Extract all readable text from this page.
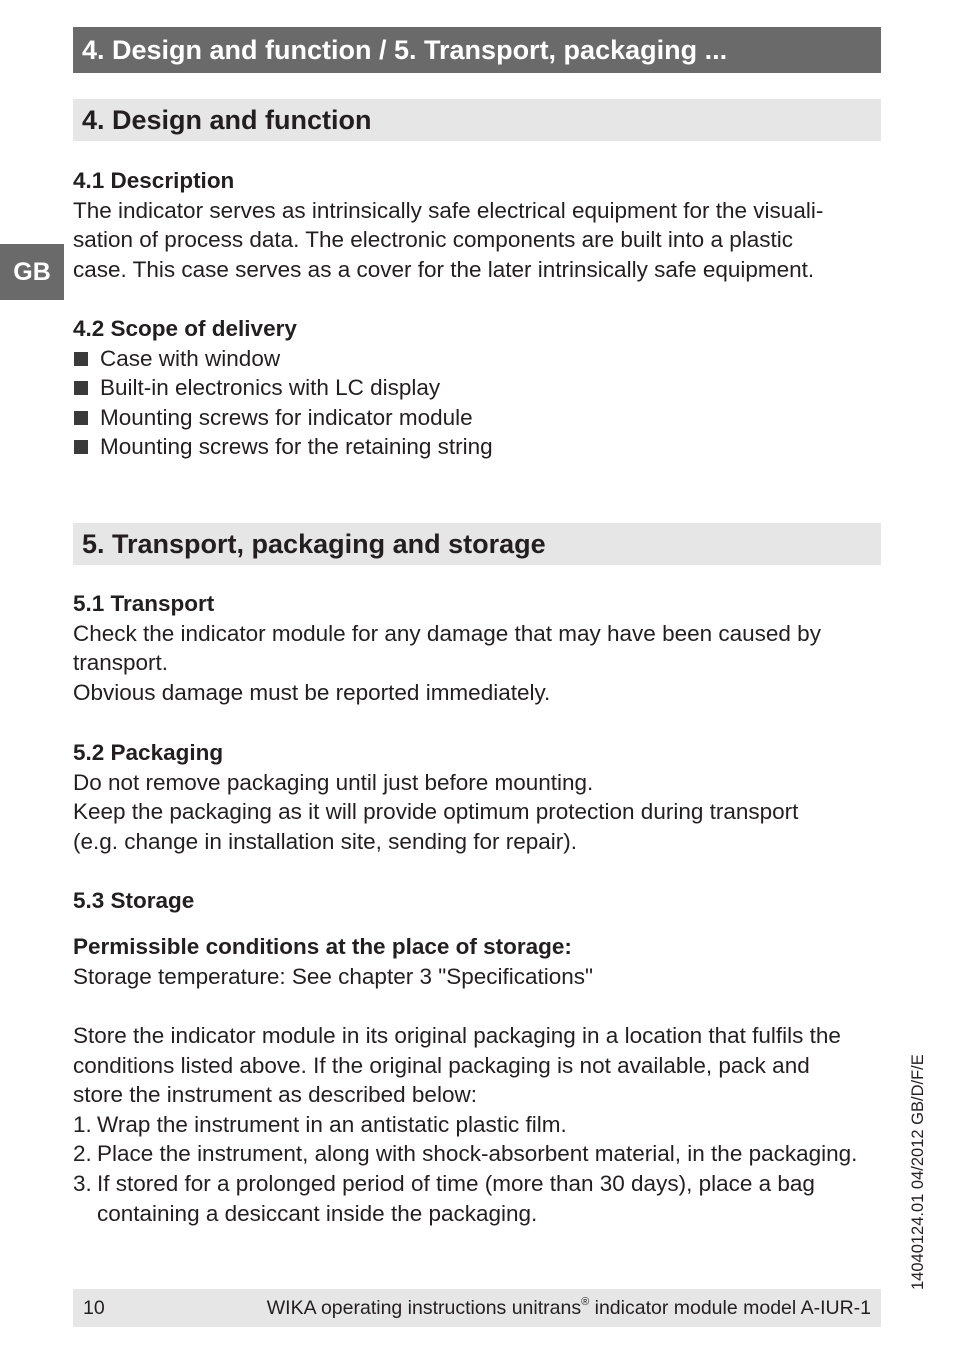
4. Design and function / 5. Transport, packaging ...
GB
4. Design and function
4.1 Description
The indicator serves as intrinsically safe electrical equipment for the visuali-
sation of process data. The electronic components are built into a plastic
case. This case serves as a cover for the later intrinsically safe equipment.
4.2 Scope of delivery
Case with window
Built-in electronics with LC display
Mounting screws for indicator module
Mounting screws for the retaining string
5. Transport, packaging and storage
5.1 Transport
Check the indicator module for any damage that may have been caused by
transport.
Obvious damage must be reported immediately.
5.2 Packaging
Do not remove packaging until just before mounting.
Keep the packaging as it will provide optimum protection during transport
(e.g. change in installation site, sending for repair).
5.3 Storage
Permissible conditions at the place of storage:
Storage temperature: See chapter 3 "Specifications"
Store the indicator module in its original packaging in a location that fulfils the
conditions listed above. If the original packaging is not available, pack and
store the instrument as described below:
1. Wrap the instrument in an antistatic plastic film.
2. Place the instrument, along with shock-absorbent material, in the packaging.
3. If stored for a prolonged period of time (more than 30 days), place a bag
containing a desiccant inside the packaging.	14040124.01 04/2012 GB/D/F/E
10	WIKA operating instructions unitrans® indicator module model A-IUR-1
